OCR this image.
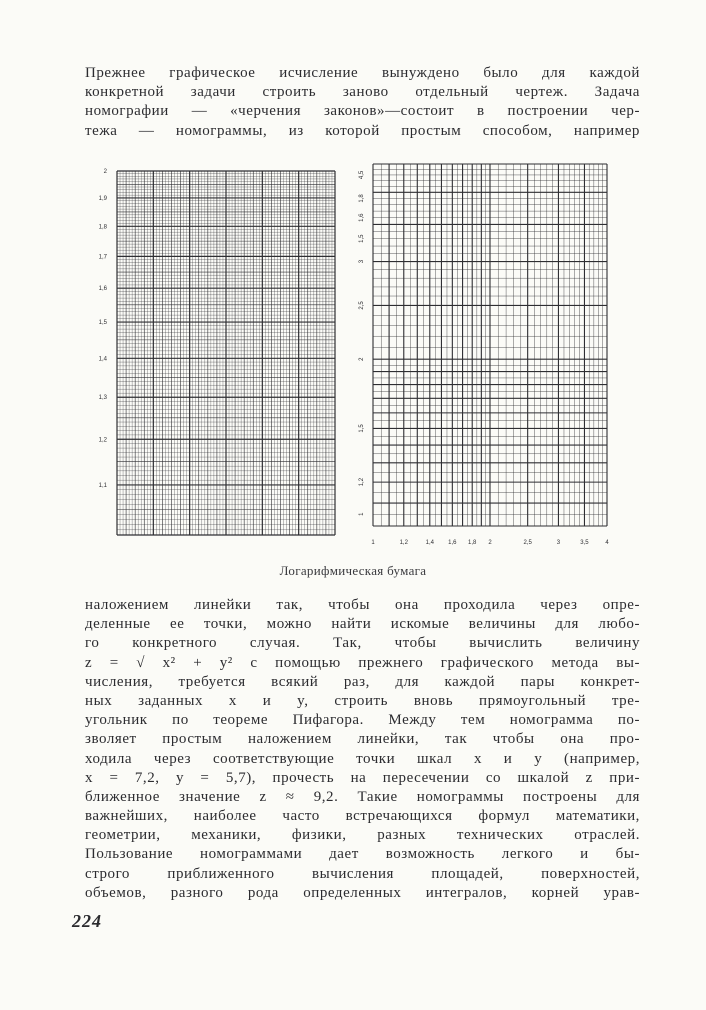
Прежнее графическое исчисление вынуждено было для каждой
конкретной задачи строить заново отдельный чертеж. Задача
номографии — «черчения законов»—состоит в построении чер-
тежа — номограммы, из которой простым способом, например
2
1,9
1,8
1,7
1,6
1,5
1,4
1,3
1,2
1,1
4,5
1,8
1,6
1,5
3
2,5
2
1,5
1,2
1
1	1,2	1,4 1,6 1,8 2	2,5	3	3,5	4
Логарифмическая бумага
наложением линейки так, чтобы она проходила через опре-
деленные ее точки, можно найти искомые величины для любо-
го конкретного случая. Так, чтобы вычислить величину
z = √ x² + y² с помощью прежнего графического метода вы-
числения, требуется всякий раз, для каждой пары конкрет-
ных заданных x и y, строить вновь прямоугольный тре-
угольник по теореме Пифагора. Между тем номограмма по-
зволяет простым наложением линейки, так чтобы она про-
ходила через соответствующие точки шкал x и y (например,
x = 7,2, y = 5,7), прочесть на пересечении со шкалой z при-
ближенное значение z ≈ 9,2. Такие номограммы построены для
важнейших, наиболее часто встречающихся формул математики,
геометрии, механики, физики, разных технических отраслей.
Пользование номограммами дает возможность легкого и бы-
строго приближенного вычисления площадей, поверхностей,
объемов, разного рода определенных интегралов, корней урав-
224
